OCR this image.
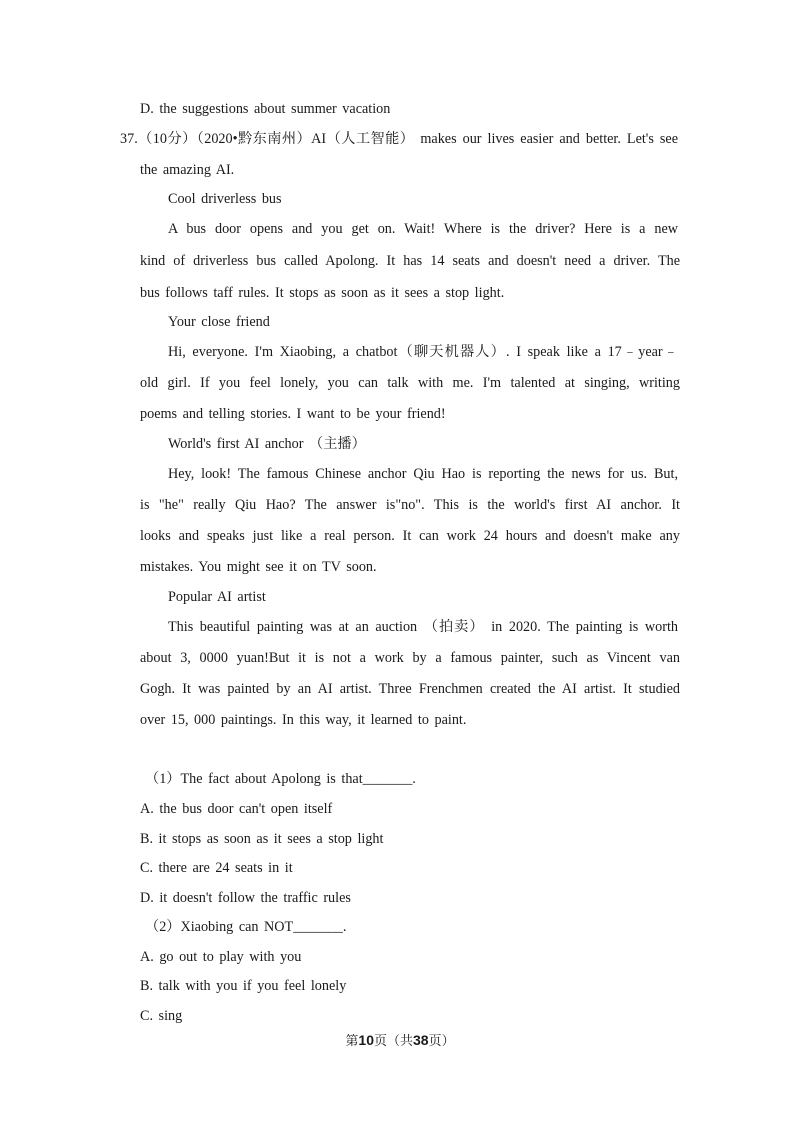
D. the suggestions about summer vacation
37.（10分）（2020•黔东南州）AI（人工智能） makes our lives easier and better. Let's see
the amazing AI.
Cool driverless bus
A bus door opens and you get on. Wait! Where is the driver? Here is a new
kind of driverless bus called Apolong. It has 14 seats and doesn't need a driver. The
bus follows taff rules. It stops as soon as it sees a stop light.
Your close friend
Hi, everyone. I'm Xiaobing, a chatbot（聊天机器人）. I speak like a 17﹣year﹣
old girl. If you feel lonely, you can talk with me. I'm talented at singing, writing
poems and telling stories. I want to be your friend!
World's first AI anchor （主播）
Hey, look! The famous Chinese anchor Qiu Hao is reporting the news for us. But,
is "he" really Qiu Hao? The answer is"no". This is the world's first AI anchor. It
looks and speaks just like a real person. It can work 24 hours and doesn't make any
mistakes. You might see it on TV soon.
Popular AI artist
This beautiful painting was at an auction （拍卖） in 2020. The painting is worth
about 3, 0000 yuan!But it is not a work by a famous painter, such as Vincent van
Gogh. It was painted by an AI artist. Three Frenchmen created the AI artist. It studied
over 15, 000 paintings. In this way, it learned to paint.
（1）The fact about Apolong is that_______.
A. the bus door can't open itself
B. it stops as soon as it sees a stop light
C. there are 24 seats in it
D. it doesn't follow the traffic rules
（2）Xiaobing can NOT_______.
A. go out to play with you
B. talk with you if you feel lonely
C. sing
第10页（共38页）
